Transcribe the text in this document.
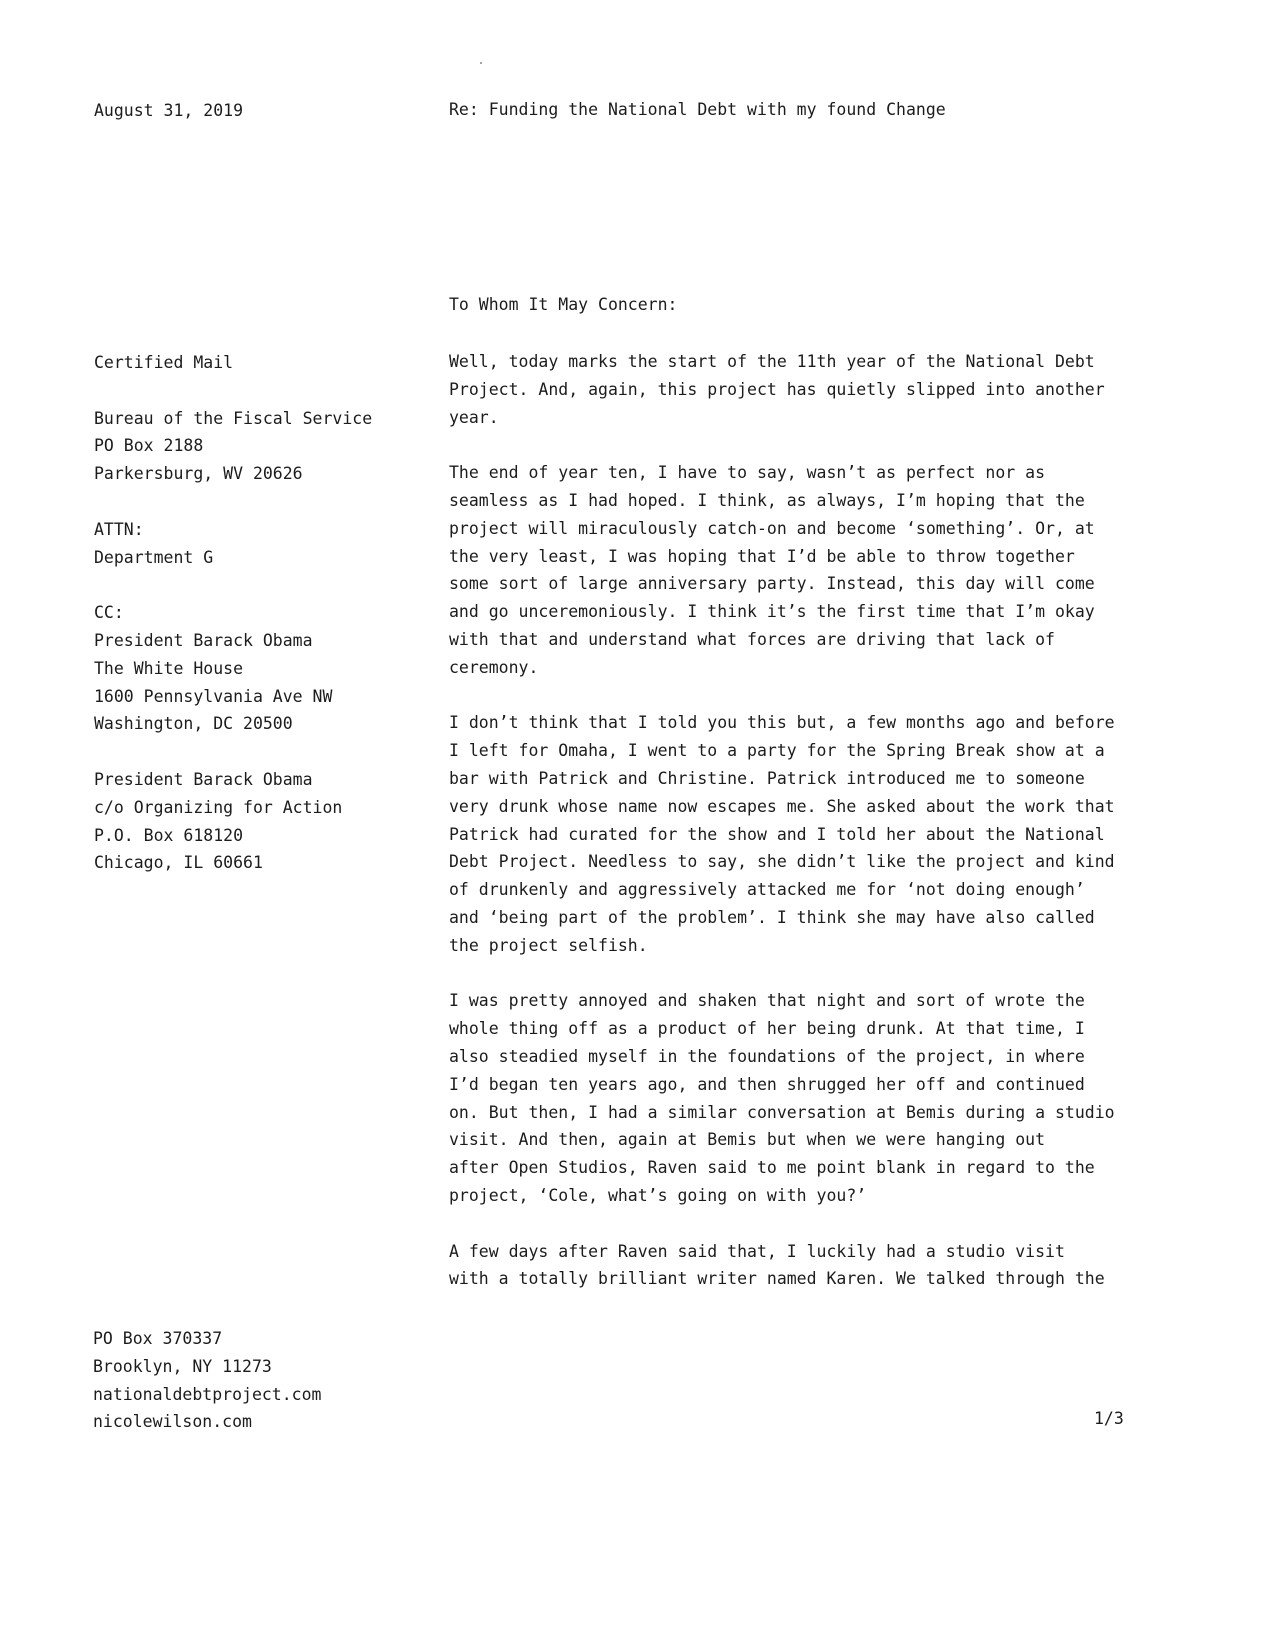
August 31, 2019	Re: Funding the National Debt with my found Change
To Whom It May Concern:
Certified Mail
Bureau of the Fiscal Service
PO Box 2188
Parkersburg, WV 20626
ATTN:
Department G
CC:
President Barack Obama
The White House
1600 Pennsylvania Ave NW
Washington, DC 20500
President Barack Obama
c/o Organizing for Action
P.O. Box 618120
Chicago, IL 60661
Well, today marks the start of the 11th year of the National Debt
Project. And, again, this project has quietly slipped into another
year.
The end of year ten, I have to say, wasn’t as perfect nor as
seamless as I had hoped. I think, as always, I’m hoping that the
project will miraculously catch-on and become ‘something’. Or, at
the very least, I was hoping that I’d be able to throw together
some sort of large anniversary party. Instead, this day will come
and go unceremoniously. I think it’s the first time that I’m okay
with that and understand what forces are driving that lack of
ceremony.
I don’t think that I told you this but, a few months ago and before
I left for Omaha, I went to a party for the Spring Break show at a
bar with Patrick and Christine. Patrick introduced me to someone
very drunk whose name now escapes me. She asked about the work that
Patrick had curated for the show and I told her about the National
Debt Project. Needless to say, she didn’t like the project and kind
of drunkenly and aggressively attacked me for ‘not doing enough’
and ‘being part of the problem’. I think she may have also called
the project selfish.
I was pretty annoyed and shaken that night and sort of wrote the
whole thing off as a product of her being drunk. At that time, I
also steadied myself in the foundations of the project, in where
I’d began ten years ago, and then shrugged her off and continued
on. But then, I had a similar conversation at Bemis during a studio
visit. And then, again at Bemis but when we were hanging out
after Open Studios, Raven said to me point blank in regard to the
project, ‘Cole, what’s going on with you?’
A few days after Raven said that, I luckily had a studio visit
with a totally brilliant writer named Karen. We talked through the
PO Box 370337
Brooklyn, NY 11273
nationaldebtproject.com
nicolewilson.com	1/3
